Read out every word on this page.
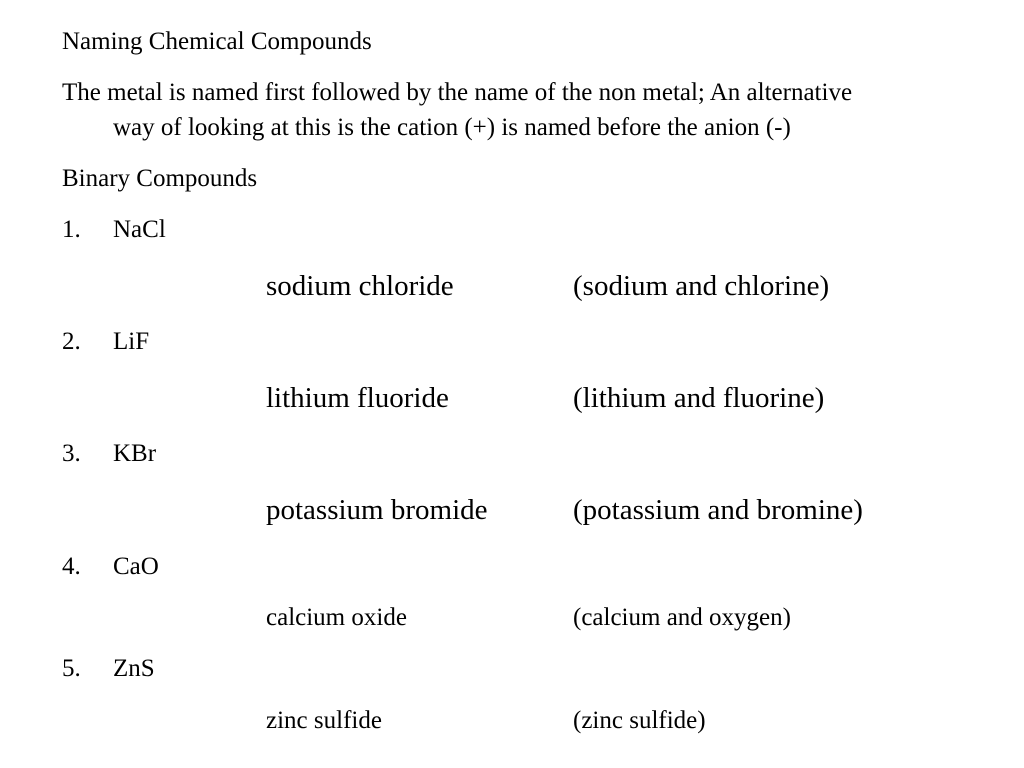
Naming Chemical Compounds
The metal is named first followed by the name of the non metal; An alternative
way of looking at this is the cation (+) is named before the anion (-)
Binary Compounds
1. NaCl
sodium chloride	(sodium and chlorine)
2. LiF
lithium fluoride	(lithium and fluorine)
3. KBr
potassium bromide	(potassium and bromine)
4. CaO
calcium oxide	(calcium and oxygen)
5. ZnS
zinc sulfide	(zinc sulfide)
